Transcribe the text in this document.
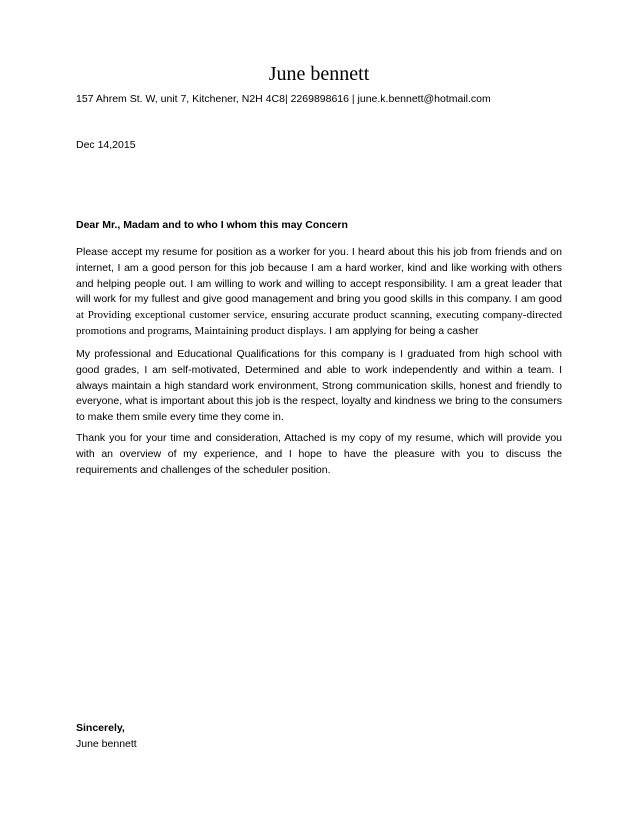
June bennett
157 Ahrem St. W, unit 7, Kitchener, N2H 4C8| 2269898616 | june.k.bennett@hotmail.com
Dec 14,2015
Dear Mr., Madam and to who I whom this may Concern
Please accept my resume for position as a worker for you. I heard about this his job from friends and on internet, I am a good person for this job because I am a hard worker, kind and like working with others and helping people out. I am willing to work and willing to accept responsibility. I am a great leader that will work for my fullest and give good management and bring you good skills in this company. I am good at Providing exceptional customer service, ensuring accurate product scanning, executing company-directed promotions and programs, Maintaining product displays. I am applying for being a casher
My professional and Educational Qualifications for this company is I graduated from high school with good grades, I am self-motivated, Determined and able to work independently and within a team. I always maintain a high standard work environment, Strong communication skills, honest and friendly to everyone, what is important about this job is the respect, loyalty and kindness we bring to the consumers to make them smile every time they come in.
Thank you for your time and consideration, Attached is my copy of my resume, which will provide you with an overview of my experience, and I hope to have the pleasure with you to discuss the requirements and challenges of the scheduler position.
Sincerely,
June bennett
